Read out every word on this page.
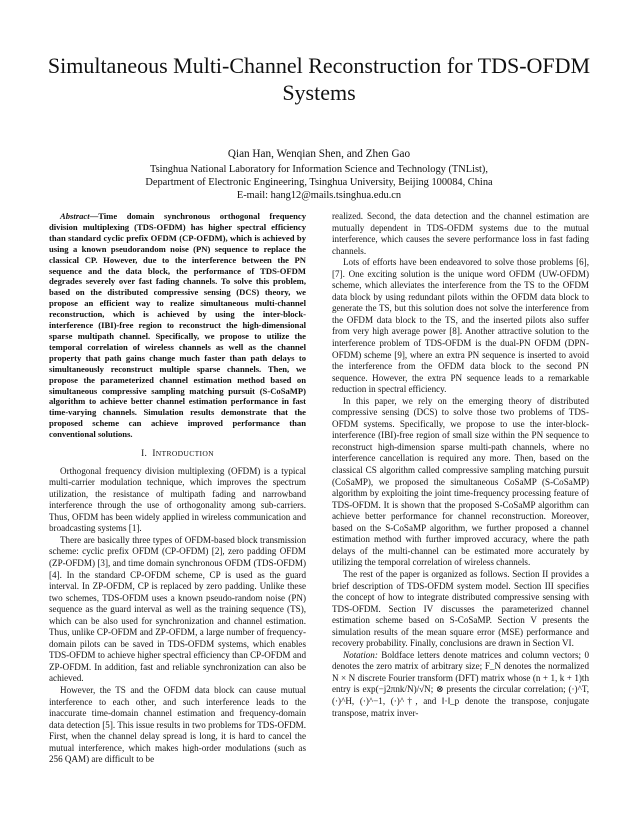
Simultaneous Multi-Channel Reconstruction for TDS-OFDM Systems
Qian Han, Wenqian Shen, and Zhen Gao
Tsinghua National Laboratory for Information Science and Technology (TNList),
Department of Electronic Engineering, Tsinghua University, Beijing 100084, China
E-mail: hang12@mails.tsinghua.edu.cn

Abstract—Time domain synchronous orthogonal frequency division multiplexing (TDS-OFDM) has higher spectral efficiency than standard cyclic prefix OFDM (CP-OFDM), which is achieved by using a known pseudorandom noise (PN) sequence to replace the classical CP. However, due to the interference between the PN sequence and the data block, the performance of TDS-OFDM degrades severely over fast fading channels. To solve this problem, based on the distributed compressive sensing (DCS) theory, we propose an efficient way to realize simultaneous multi-channel reconstruction, which is achieved by using the inter-block-interference (IBI)-free region to reconstruct the high-dimensional sparse multipath channel. Specifically, we propose to utilize the temporal correlation of wireless channels as well as the channel property that path gains change much faster than path delays to simultaneously reconstruct multiple sparse channels. Then, we propose the parameterized channel estimation method based on simultaneous compressive sampling matching pursuit (S-CoSaMP) algorithm to achieve better channel estimation performance in fast time-varying channels. Simulation results demonstrate that the proposed scheme can achieve improved performance than conventional solutions.

I. INTRODUCTION

Orthogonal frequency division multiplexing (OFDM) is a typical multi-carrier modulation technique, which improves the spectrum utilization, the resistance of multipath fading and narrowband interference through the use of orthogonality among sub-carriers. Thus, OFDM has been widely applied in wireless communication and broadcasting systems [1].

There are basically three types of OFDM-based block transmission scheme: cyclic prefix OFDM (CP-OFDM) [2], zero padding OFDM (ZP-OFDM) [3], and time domain synchronous OFDM (TDS-OFDM) [4]. In the standard CP-OFDM scheme, CP is used as the guard interval. In ZP-OFDM, CP is replaced by zero padding. Unlike these two schemes, TDS-OFDM uses a known pseudo-random noise (PN) sequence as the guard interval as well as the training sequence (TS), which can be also used for synchronization and channel estimation. Thus, unlike CP-OFDM and ZP-OFDM, a large number of frequency-domain pilots can be saved in TDS-OFDM systems, which enables TDS-OFDM to achieve higher spectral efficiency than CP-OFDM and ZP-OFDM. In addition, fast and reliable synchronization can also be achieved.

However, the TS and the OFDM data block can cause mutual interference to each other, and such interference leads to the inaccurate time-domain channel estimation and frequency-domain data detection [5]. This issue results in two problems for TDS-OFDM. First, when the channel delay spread is long, it is hard to cancel the mutual interference, which makes high-order modulations (such as 256 QAM) are difficult to be

realized. Second, the data detection and the channel estimation are mutually dependent in TDS-OFDM systems due to the mutual interference, which causes the severe performance loss in fast fading channels.

Lots of efforts have been endeavored to solve those problems [6], [7]. One exciting solution is the unique word OFDM (UW-OFDM) scheme, which alleviates the interference from the TS to the OFDM data block by using redundant pilots within the OFDM data block to generate the TS, but this solution does not solve the interference from the OFDM data block to the TS, and the inserted pilots also suffer from very high average power [8]. Another attractive solution to the interference problem of TDS-OFDM is the dual-PN OFDM (DPN-OFDM) scheme [9], where an extra PN sequence is inserted to avoid the interference from the OFDM data block to the second PN sequence. However, the extra PN sequence leads to a remarkable reduction in spectral efficiency.

In this paper, we rely on the emerging theory of distributed compressive sensing (DCS) to solve those two problems of TDS-OFDM systems. Specifically, we propose to use the inter-block-interference (IBI)-free region of small size within the PN sequence to reconstruct high-dimension sparse multi-path channels, where no interference cancellation is required any more. Then, based on the classical CS algorithm called compressive sampling matching pursuit (CoSaMP), we proposed the simultaneous CoSaMP (S-CoSaMP) algorithm by exploiting the joint time-frequency processing feature of TDS-OFDM. It is shown that the proposed S-CoSaMP algorithm can achieve better performance for channel reconstruction. Moreover, based on the S-CoSaMP algorithm, we further proposed a channel estimation method with further improved accuracy, where the path delays of the multi-channel can be estimated more accurately by utilizing the temporal correlation of wireless channels.

The rest of the paper is organized as follows. Section II provides a brief description of TDS-OFDM system model. Section III specifies the concept of how to integrate distributed compressive sensing with TDS-OFDM. Section IV discusses the parameterized channel estimation scheme based on S-CoSaMP. Section V presents the simulation results of the mean square error (MSE) performance and recovery probability. Finally, conclusions are drawn in Section VI.

Notation: Boldface letters denote matrices and column vectors; 0 denotes the zero matrix of arbitrary size; F_N denotes the normalized N × N discrete Fourier transform (DFT) matrix whose (n + 1, k + 1)th entry is exp(−j2πnk/N)/√N; ⊗ presents the circular correlation; (·)^T, (·)^H, (·)^−1, (·)^†, and ‖·‖_p denote the transpose, conjugate transpose, matrix inver-
